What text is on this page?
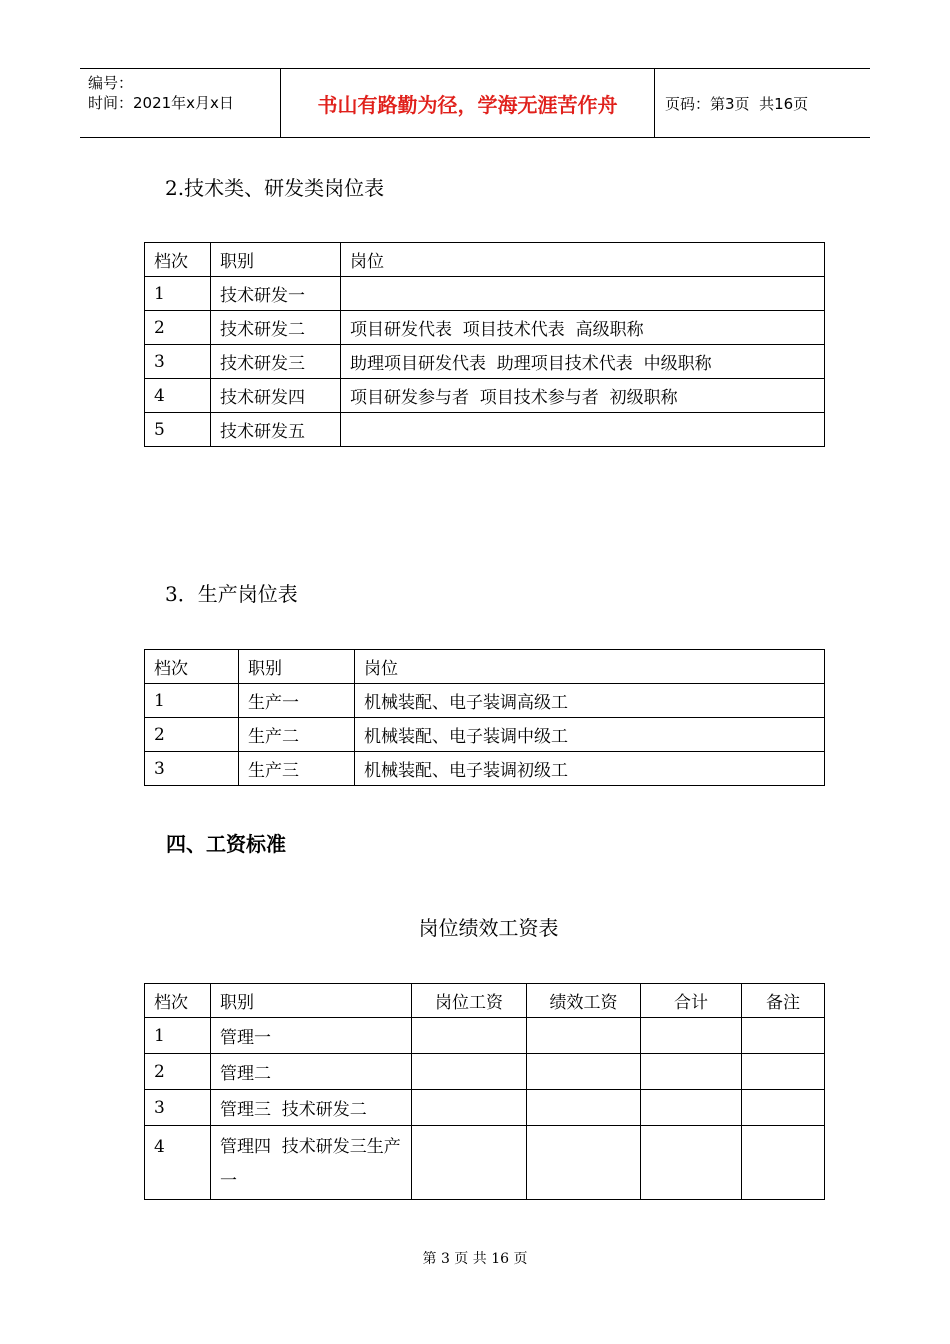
编号：
时间：2021年x月x日	书山有路勤为径，学海无涯苦作舟	页码：第3页  共16页
2.技术类、研发类岗位表
档次	职别	岗位
1	技术研发一	
2	技术研发二	项目研发代表  项目技术代表  高级职称
3	技术研发三	助理项目研发代表  助理项目技术代表  中级职称
4	技术研发四	项目研发参与者  项目技术参与者  初级职称
5	技术研发五	
3．生产岗位表
档次	职别	岗位
1	生产一	机械装配、电子装调高级工
2	生产二	机械装配、电子装调中级工
3	生产三	机械装配、电子装调初级工
四、工资标准
岗位绩效工资表
档次	职别	岗位工资	绩效工资	合计	备注
1	管理一				
2	管理二				
3	管理三  技术研发二				
4	管理四  技术研发三生产一				
第 3 页 共 16 页
